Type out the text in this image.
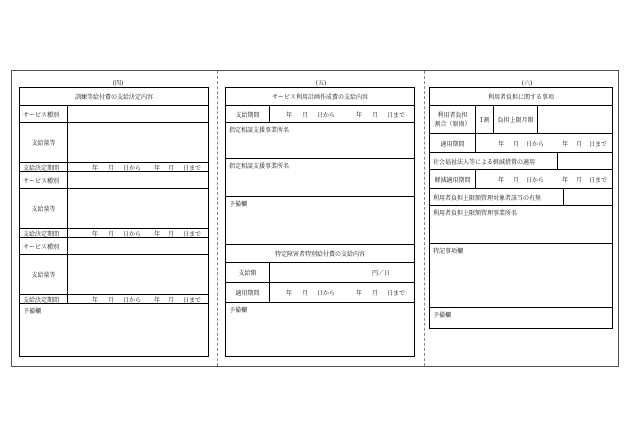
(四)
訓練等給付費の支給決定内容
サービス種別
支給量等
支給決定期間	年 月 日から 年 月 日まで
サービス種別
支給量等
支給決定期間	年 月 日から 年 月 日まで
サービス種別
支給量等
支給決定期間	年 月 日から 年 月 日まで
予備欄
(五)
サービス利用計画作成費の支給内容
支給期間	年 月 日から	年 月 日まで
指定相談支援事業所名
指定相談支援事業所名
予備欄
特定障害者特別給付費の支給内容
支給額	円／日
適用期間	年 月 日から	年 月 日まで
予備欄
(六)
利用者負担に関する事項
利用者負担
割合（原則）	1割	負担上限月額
適用期間	年 月 日から	年 月 日まで
社会福祉法人等による軽減措置の適用
軽減適用期間	年 月 日から	年 月 日まで
利用者負担上限額管理対象者該当の有無
利用者負担上限額管理事業所名
特記事項欄
予備欄
